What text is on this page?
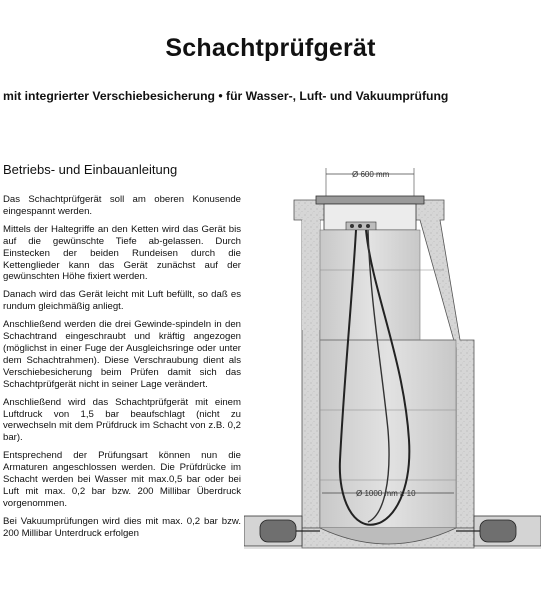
Schachtprüfgerät
mit integrierter Verschiebesicherung • für Wasser-, Luft- und Vakuumprüfung
Betriebs- und Einbauanleitung

Das Schachtprüfgerät soll am oberen Konusende eingespannt werden.

Mittels der Haltegriffe an den Ketten wird das Gerät bis auf die gewünschte Tiefe ab-gelassen. Durch Einstecken der beiden Rundeisen durch die Kettenglieder kann das Gerät zunächst auf der gewünschten Höhe fixiert werden.

Danach wird das Gerät leicht mit Luft befüllt, so daß es rundum gleichmäßig anliegt.

Anschließend werden die drei Gewinde-spindeln in den Schachtrand eingeschraubt und kräftig angezogen (möglichst in einer Fuge der Ausgleichsringe oder unter dem Schachtrahmen). Diese Verschraubung dient als Verschiebesicherung beim Prüfen damit sich das Schachtprüfgerät nicht in seiner Lage verändert.

Anschließend wird das Schachtprüfgerät mit einem Luftdruck von 1,5 bar beaufschlagt (nicht zu verwechseln mit dem Prüfdruck im Schacht von z.B. 0,2 bar).

Entsprechend der Prüfungsart können nun die Armaturen angeschlossen werden. Die Prüfdrücke im Schacht werden bei Wasser mit max.0,5 bar oder bei Luft mit max. 0,2 bar bzw. 200 Millibar Überdruck vorgenommen.

Bei Vakuumprüfungen wird dies mit max. 0,2 bar bzw. 200 Millibar Unterdruck erfolgen

Ø 600 mm
Ø 1000 mm ≥ 10
